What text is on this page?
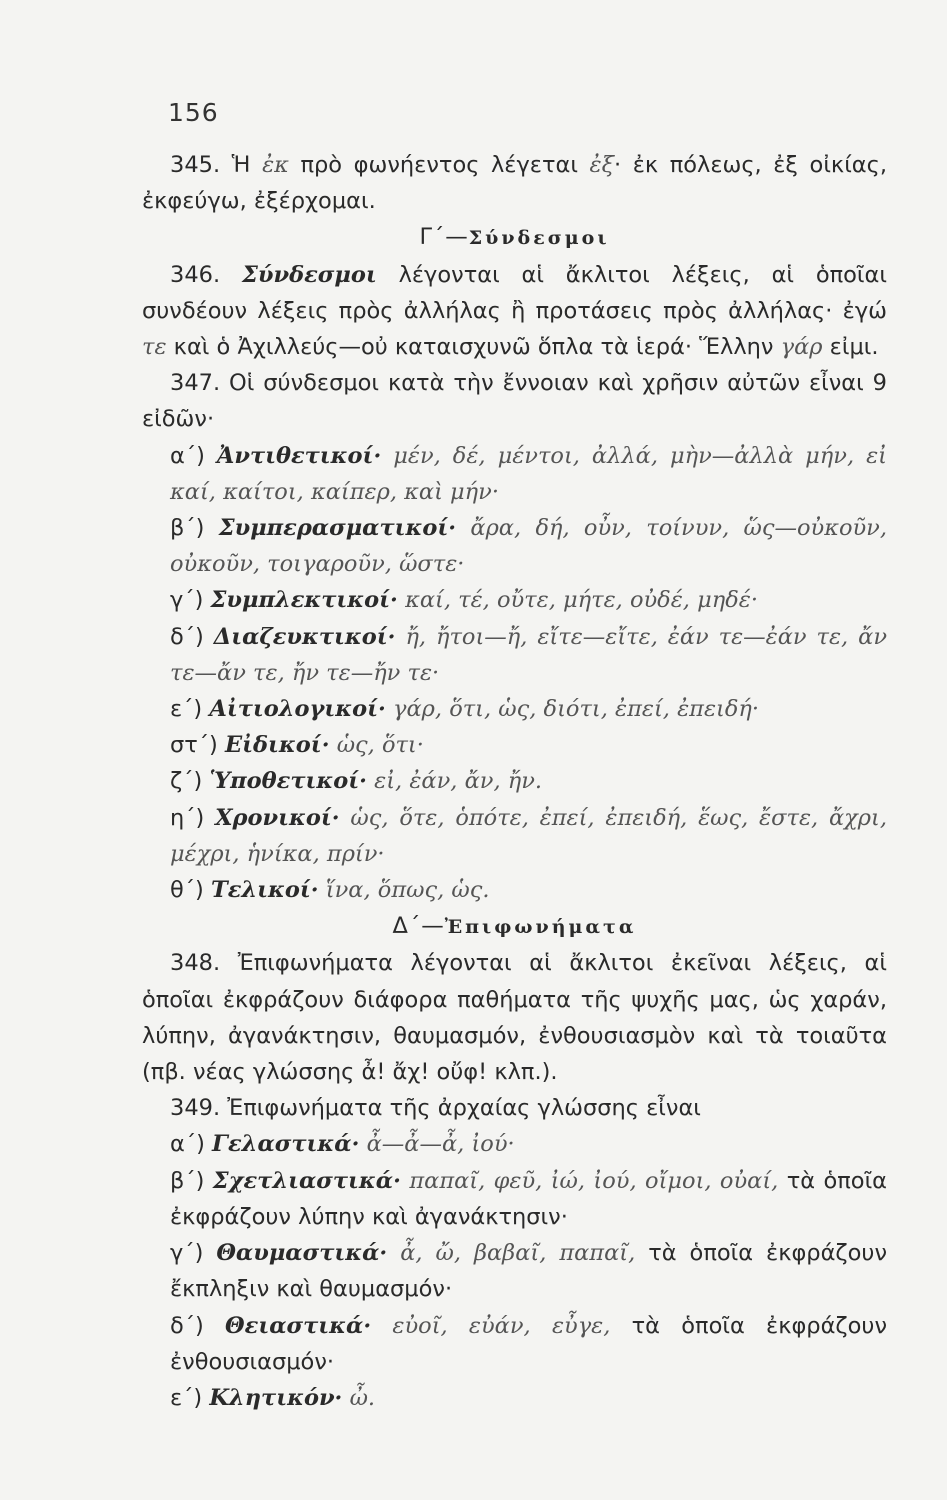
156

345. Ἡ ἐκ πρὸ φωνήεντος λέγεται ἐξ· ἐκ πόλεως, ἐξ οἰκίας, ἐκφεύγω, ἐξέρχομαι.

Γ΄—Σύνδεσμοι

346. Σύνδεσμοι λέγονται αἱ ἄκλιτοι λέξεις, αἱ ὁποῖαι συνδέουν λέξεις πρὸς ἀλλήλας ἢ προτάσεις πρὸς ἀλλήλας· ἐγώ τε καὶ ὁ Ἀχιλλεύς—οὐ καταισχυνῶ ὅπλα τὰ ἱερά· Ἕλλην γάρ εἰμι.

347. Οἱ σύνδεσμοι κατὰ τὴν ἔννοιαν καὶ χρῆσιν αὐτῶν εἶναι 9 εἰδῶν·

α΄) Ἀντιθετικοί· μέν, δέ, μέντοι, ἀλλά, μὴν—ἀλλὰ μήν, εἰ καί, καίτοι, καίπερ, καὶ μήν·

β΄) Συμπερασματικοί· ἄρα, δή, οὖν, τοίνυν, ὥς—οὐκοῦν, οὐκοῦν, τοιγαροῦν, ὥστε·

γ΄) Συμπλεκτικοί· καί, τέ, οὔτε, μήτε, οὐδέ, μηδέ·

δ΄) Διαζευκτικοί· ἤ, ἤτοι—ἤ, εἴτε—εἴτε, ἐάν τε—ἐάν τε, ἄν τε—ἄν τε, ἤν τε—ἤν τε·

ε΄) Αἰτιολογικοί· γάρ, ὅτι, ὡς, διότι, ἐπεί, ἐπειδή·

στ΄) Εἰδικοί· ὡς, ὅτι·

ζ΄) Ὑποθετικοί· εἰ, ἐάν, ἄν, ἤν.

η΄) Χρονικοί· ὡς, ὅτε, ὁπότε, ἐπεί, ἐπειδή, ἕως, ἔστε, ἄχρι, μέχρι, ἡνίκα, πρίν·

θ΄) Τελικοί· ἵνα, ὅπως, ὡς.

Δ΄—Ἐπιφωνήματα

348. Ἐπιφωνήματα λέγονται αἱ ἄκλιτοι ἐκεῖναι λέξεις, αἱ ὁποῖαι ἐκφράζουν διάφορα παθήματα τῆς ψυχῆς μας, ὡς χαράν, λύπην, ἀγανάκτησιν, θαυμασμόν, ἐνθουσιασμὸν καὶ τὰ τοιαῦτα (πβ. νέας γλώσσης ἆ! ἄχ! οὔφ! κλπ.).

349. Ἐπιφωνήματα τῆς ἀρχαίας γλώσσης εἶναι

α΄) Γελαστικά· ἆ—ἆ—ἆ, ἰού·

β΄) Σχετλιαστικά· παπαῖ, φεῦ, ἰώ, ἰού, οἴμοι, οὐαί, τὰ ὁποῖα ἐκφράζουν λύπην καὶ ἀγανάκτησιν·

γ΄) Θαυμαστικά· ἆ, ὤ, βαβαῖ, παπαῖ, τὰ ὁποῖα ἐκφράζουν ἔκπληξιν καὶ θαυμασμόν·

δ΄) Θειαστικά· εὐοῖ, εὐάν, εὖγε, τὰ ὁποῖα ἐκφράζουν ἐνθουσιασμόν·

ε΄) Κλητικόν· ὦ.
